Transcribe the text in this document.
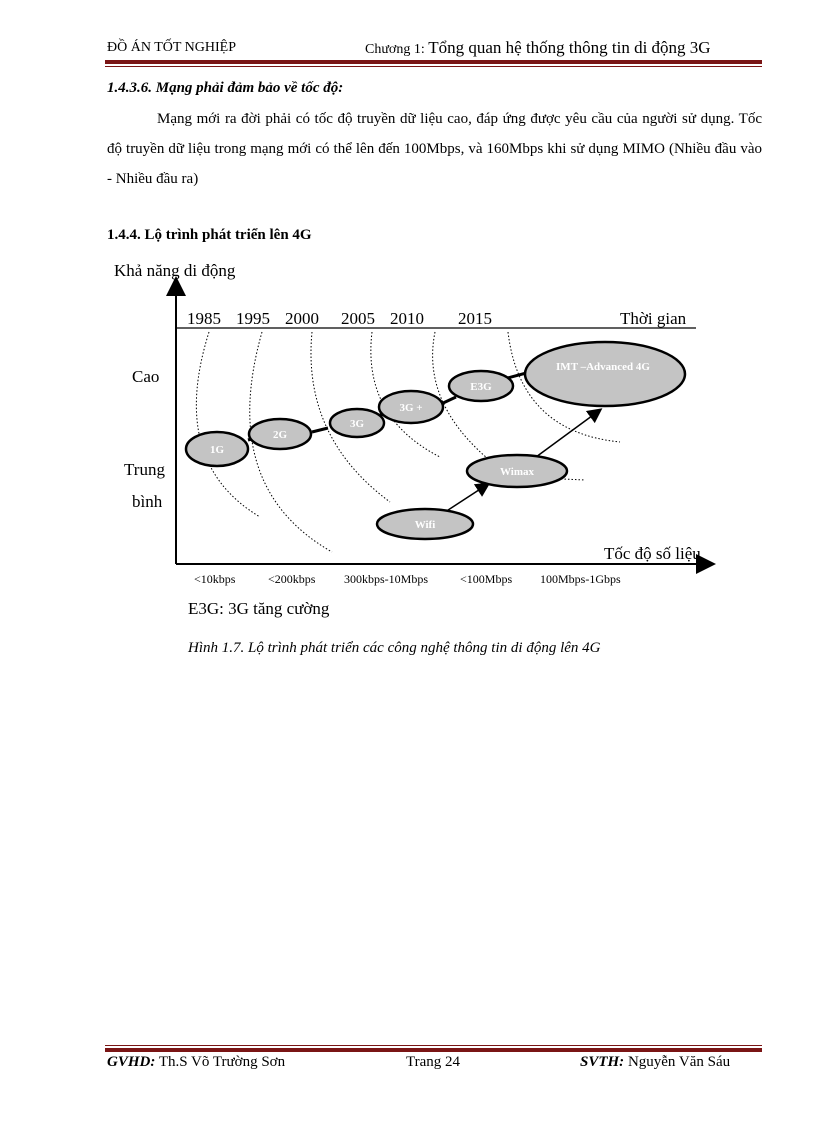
ĐỒ ÁN TỐT NGHIỆP	Chương 1: Tổng quan hệ thống thông tin di động 3G
1.4.3.6. Mạng phải đảm bảo về tốc độ:

Mạng mới ra đời phải có tốc độ truyền dữ liệu cao, đáp ứng được yêu cầu của người sử dụng. Tốc độ truyền dữ liệu trong mạng mới có thể lên đến 100Mbps, và 160Mbps khi sử dụng MIMO (Nhiều đầu vào - Nhiều đầu ra)

1.4.4. Lộ trình phát triển lên 4G
Khả năng di động
Tốc độ số liệu
Thời gian
1985 1995 2000 2005 2010 2015
Cao
Trung
bình
1G
2G
3G
3G +
E3G
IMT –Advanced 4G
Wimax
Wifi
<10kbps	<200kbps 300kbps-10Mbps	<100Mbps 100Mbps-1Gbps
E3G: 3G tăng cường
Hình 1.7. Lộ trình phát triển các công nghệ thông tin di động lên 4G
GVHD: Th.S Võ Trường Sơn	Trang 24	SVTH: Nguyễn Văn Sáu
